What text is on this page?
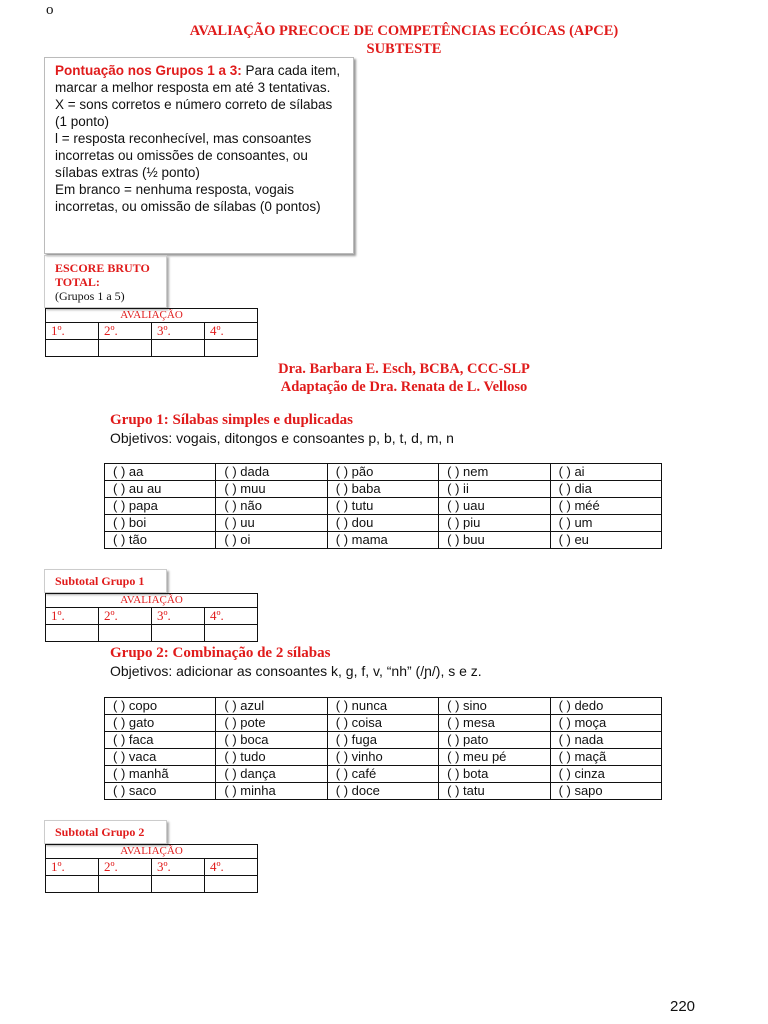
o
AVALIAÇÃO PRECOCE DE COMPETÊNCIAS ECÓICAS (APCE)
SUBTESTE
Pontuação nos Grupos 1 a 3: Para cada item, marcar a melhor resposta em até 3 tentativas.
X = sons corretos e número correto de sílabas (1 ponto)
l = resposta reconhecível, mas consoantes incorretas ou omissões de consoantes, ou sílabas extras (½ ponto)
Em branco = nenhuma resposta, vogais incorretas, ou omissão de sílabas (0 pontos)
ESCORE BRUTO
TOTAL:
(Grupos 1 a 5)
AVALIAÇÃO			
1º.	2º.	3º.	4º.

Dra. Barbara E. Esch, BCBA, CCC-SLP
Adaptação de Dra. Renata de L. Velloso
Grupo 1: Sílabas simples e duplicadas
Objetivos: vogais, ditongos e consoantes p, b, t, d, m, n
( ) aa	( ) dada	( ) pão	( ) nem	( ) ai
( ) au au	( ) muu	( ) baba	( ) ii	( ) dia
( ) papa	( ) não	( ) tutu	( ) uau	( ) méé
( ) boi	( ) uu	( ) dou	( ) piu	( ) um
( ) tão	( ) oi	( ) mama	( ) buu	( ) eu
Subtotal Grupo 1
AVALIAÇÃO			
1º.	2º.	3º.	4º.

Grupo 2: Combinação de 2 sílabas
Objetivos: adicionar as consoantes k, g, f, v, “nh” (/ɲ/), s e z.
( ) copo	( ) azul	( ) nunca	( ) sino	( ) dedo
( ) gato	( ) pote	( ) coisa	( ) mesa	( ) moça
( ) faca	( ) boca	( ) fuga	( ) pato	( ) nada
( ) vaca	( ) tudo	( ) vinho	( ) meu pé	( ) maçã
( ) manhã	( ) dança	( ) café	( ) bota	( ) cinza
( ) saco	( ) minha	( ) doce	( ) tatu	( ) sapo
Subtotal Grupo 2
AVALIAÇÃO			
1º.	2º.	3º.	4º.

220
